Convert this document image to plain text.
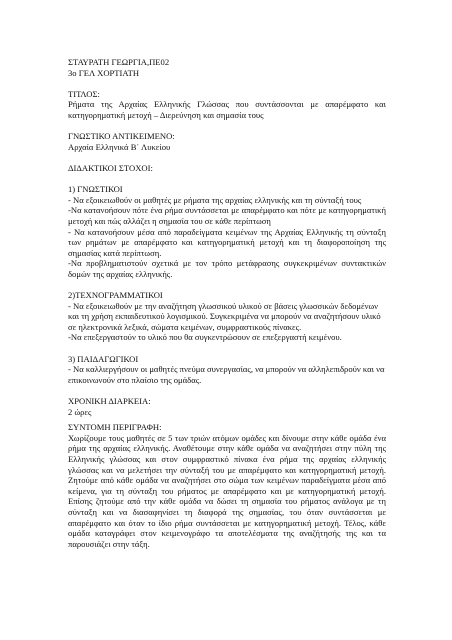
ΣΤΑΥΡΑΤΗ ΓΕΩΡΓΙΑ,ΠΕ02

3ο ΓΕΛ ΧΟΡΤΙΑΤΗ

ΤΙΤΛΟΣ:

Ρήματα της Αρχαίας Ελληνικής Γλώσσας που συντάσσονται με απαρέμφατο και κατηγορηματική μετοχή – Διερεύνηση και σημασία τους

ΓΝΩΣΤΙΚΟ ΑΝΤΙΚΕΙΜΕΝΟ:

Αρχαία Ελληνικά Β΄ Λυκείου

ΔΙΔΑΚΤΙΚΟΙ ΣΤΟΧΟΙ:

1) ΓΝΩΣΤΙΚΟΙ

- Να εξοικειωθούν οι μαθητές με ρήματα της αρχαίας ελληνικής και τη σύνταξή τους

-Να κατανοήσουν πότε ένα ρήμα συντάσσεται με απαρέμφατο και πότε με κατηγορηματική μετοχή και πώς αλλάζει η σημασία του σε κάθε περίπτωση

- Να κατανοήσουν μέσα από παραδείγματα κειμένων της Αρχαίας Ελληνικής τη σύνταξη των ρημάτων με απαρέμφατο και κατηγορηματική μετοχή και τη διαφοροποίηση της σημασίας κατά περίπτωση.

-Να προβληματιστούν σχετικά με τον τρόπο μετάφρασης συγκεκριμένων συντακτικών δομών της αρχαίας ελληνικής.

2)ΤΕΧΝΟΓΡΑΜΜΑΤΙΚΟΙ

- Να εξοικειωθούν με την αναζήτηση γλωσσικού υλικού σε βάσεις γλωσσικών δεδομένων και τη χρήση εκπαιδευτικού λογισμικού. Συγκεκριμένα να μπορούν να αναζητήσουν υλικό σε ηλεκτρονικά λεξικά, σώματα κειμένων, συμφραστικούς πίνακες.

-Να επεξεργαστούν το υλικό που θα συγκεντρώσουν σε επεξεργαστή κειμένου.

3) ΠΑΙΔΑΓΩΓΙΚΟΙ

- Να καλλιεργήσουν οι μαθητές πνεύμα συνεργασίας, να μπορούν να αλληλεπιδρούν και να επικοινωνούν στο πλαίσιο της ομάδας.

ΧΡΟΝΙΚΗ ΔΙΑΡΚΕΙΑ:

2 ώρες

ΣΥΝΤΟΜΗ ΠΕΡΙΓΡΑΦΗ:

Χωρίζουμε τους μαθητές σε 5 των τριών ατόμων ομάδες και δίνουμε στην κάθε ομάδα ένα ρήμα της αρχαίας ελληνικής. Αναθέτουμε στην κάθε ομάδα να αναζητήσει στην πύλη της Ελληνικής γλώσσας και στον συμφραστικό πίνακα ένα ρήμα της αρχαίας ελληνικής γλώσσας και να μελετήσει την σύνταξή του με απαρέμφατο και κατηγορηματική μετοχή. Ζητούμε από κάθε ομάδα να αναζητήσει στο σώμα των κειμένων παραδείγματα μέσα από κείμενα, για τη σύνταξη του ρήματος με απαρέμφατο και με κατηγορηματική μετοχή. Επίσης ζητούμε από την κάθε ομάδα να δώσει τη σημασία του ρήματος ανάλογα με τη σύνταξη και να διασαφηνίσει τη διαφορά της σημασίας, του όταν συντάσσεται με απαρέμφατο και όταν το ίδιο ρήμα συντάσσεται με κατηγορηματική μετοχή. Τέλος, κάθε ομάδα καταγράφει στον κειμενογράφο τα αποτελέσματα της αναζήτησής της και τα παρουσιάζει στην τάξη.
